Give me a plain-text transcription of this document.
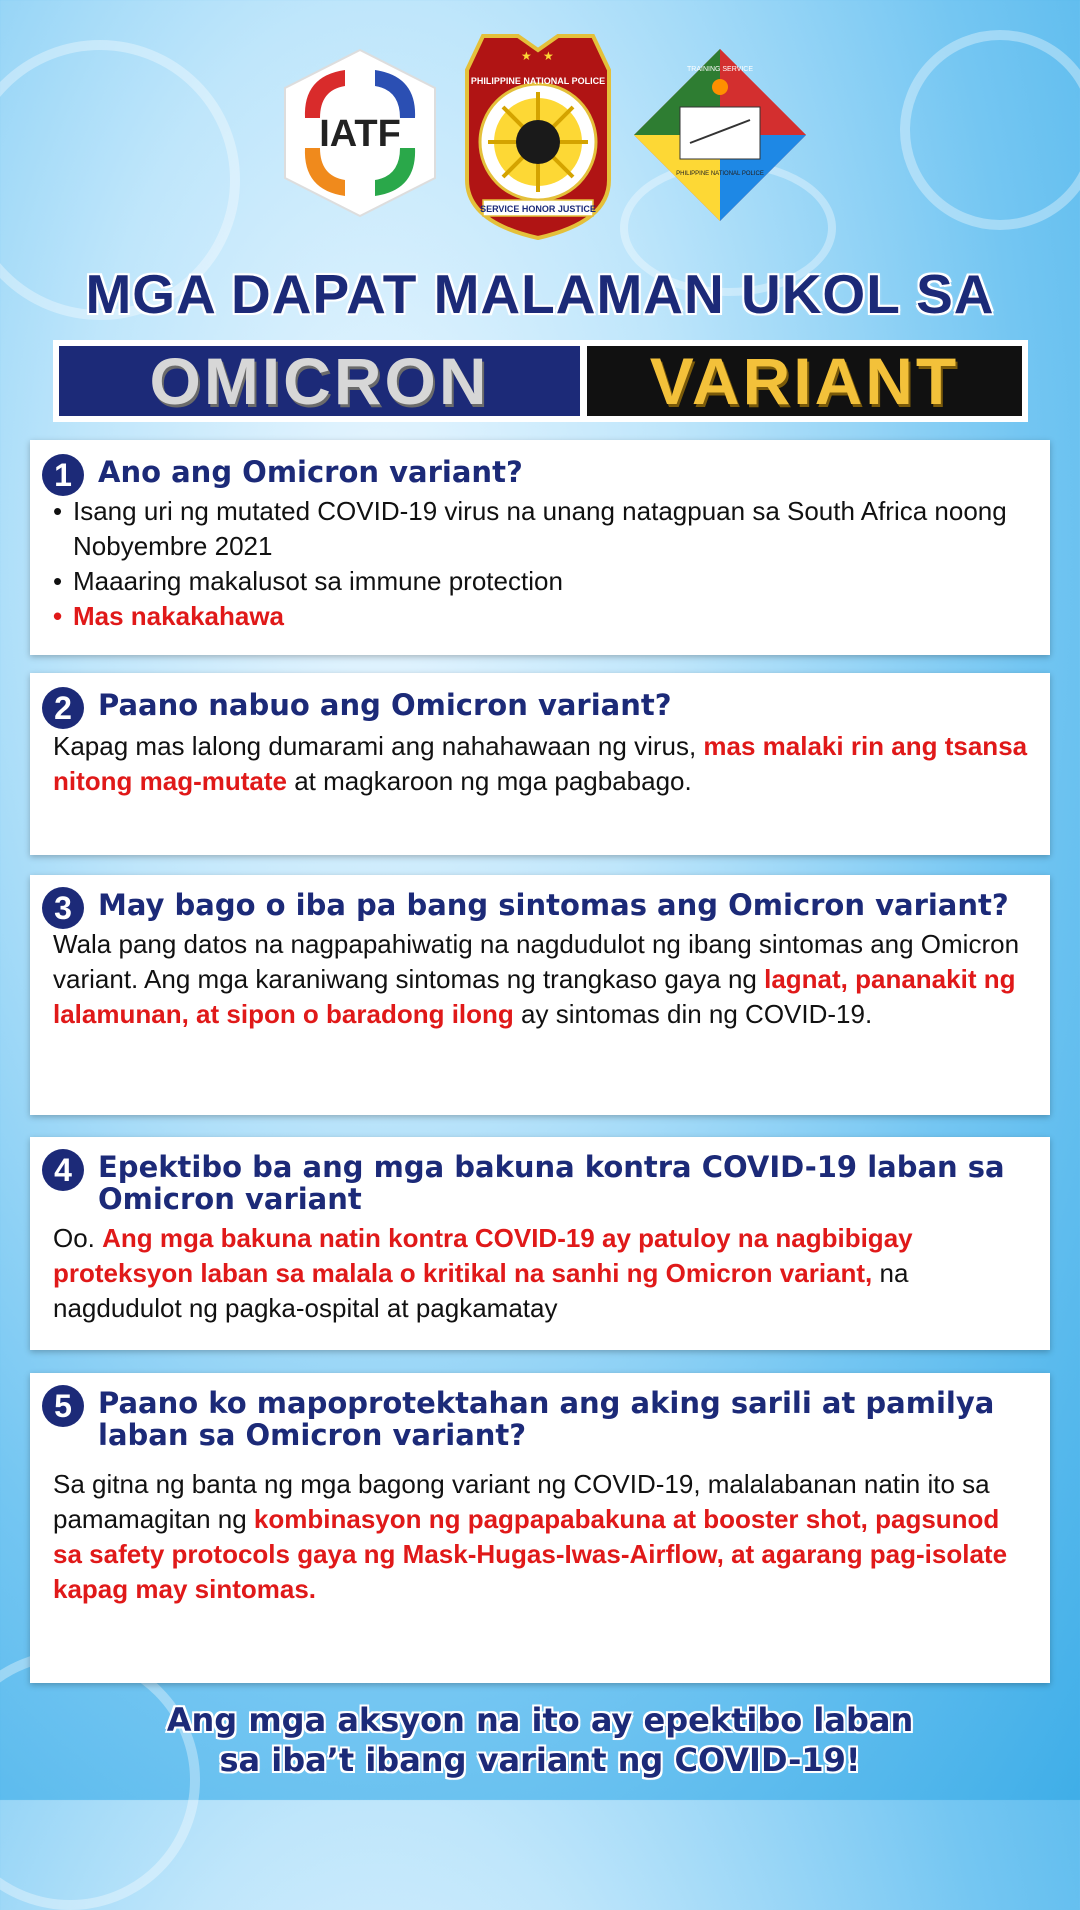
IATF
★ ★
PHILIPPINE NATIONAL POLICE
SERVICE HONOR JUSTICE
TRAINING SERVICE
PHILIPPINE NATIONAL POLICE
MGA DAPAT MALAMAN UKOL SA
OMICRON	VARIANT
1 Ano ang Omicron variant?
• Isang uri ng mutated COVID-19 virus na unang natagpuan sa South Africa noong Nobyembre 2021
• Maaaring makalusot sa immune protection
• Mas nakakahawa
2 Paano nabuo ang Omicron variant?
Kapag mas lalong dumarami ang nahahawaan ng virus, mas malaki rin ang tsansa nitong mag-mutate at magkaroon ng mga pagbabago.
3 May bago o iba pa bang sintomas ang Omicron variant?
Wala pang datos na nagpapahiwatig na nagdudulot ng ibang sintomas ang Omicron variant. Ang mga karaniwang sintomas ng trangkaso gaya ng lagnat, pananakit ng lalamunan, at sipon o baradong ilong ay sintomas din ng COVID-19.
4 Epektibo ba ang mga bakuna kontra COVID-19 laban sa Omicron variant
Oo. Ang mga bakuna natin kontra COVID-19 ay patuloy na nagbibigay proteksyon laban sa malala o kritikal na sanhi ng Omicron variant, na nagdudulot ng pagka-ospital at pagkamatay
5 Paano ko mapoprotektahan ang aking sarili at pamilya laban sa Omicron variant?
Sa gitna ng banta ng mga bagong variant ng COVID-19, malalabanan natin ito sa pamamagitan ng kombinasyon ng pagpapabakuna at booster shot, pagsunod sa safety protocols gaya ng Mask-Hugas-Iwas-Airflow, at agarang pag-isolate kapag may sintomas.
Ang mga aksyon na ito ay epektibo laban
sa iba’t ibang variant ng COVID-19!
